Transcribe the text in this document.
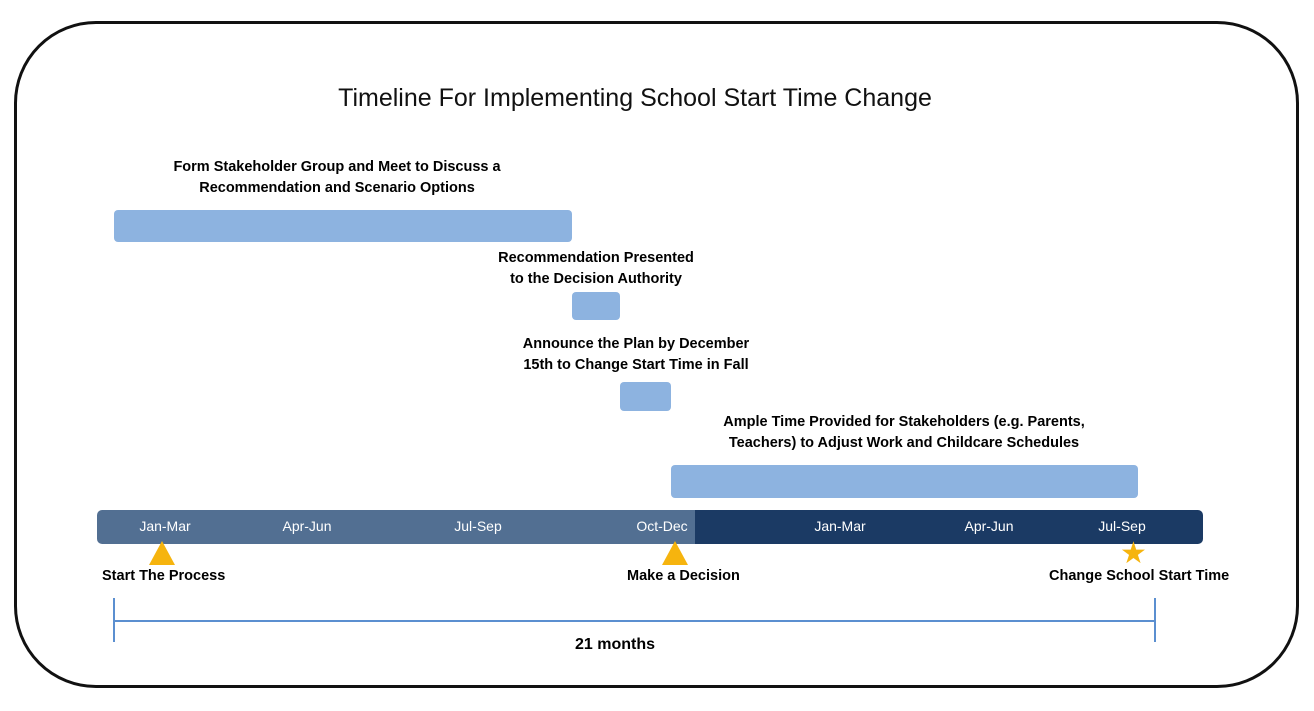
Timeline For Implementing School Start Time Change
Form Stakeholder Group and Meet to Discuss a
Recommendation and Scenario Options
Recommendation Presented
to the Decision Authority
Announce the Plan by December
15th to Change Start Time in Fall
Ample Time Provided for Stakeholders (e.g. Parents,
Teachers) to Adjust Work and Childcare Schedules
Jan-Mar	Apr-Jun	Jul-Sep	Oct-Dec	Jan-Mar	Apr-Jun	Jul-Sep
Start The Process	Make a Decision
★
Change School Start Time
21 months
